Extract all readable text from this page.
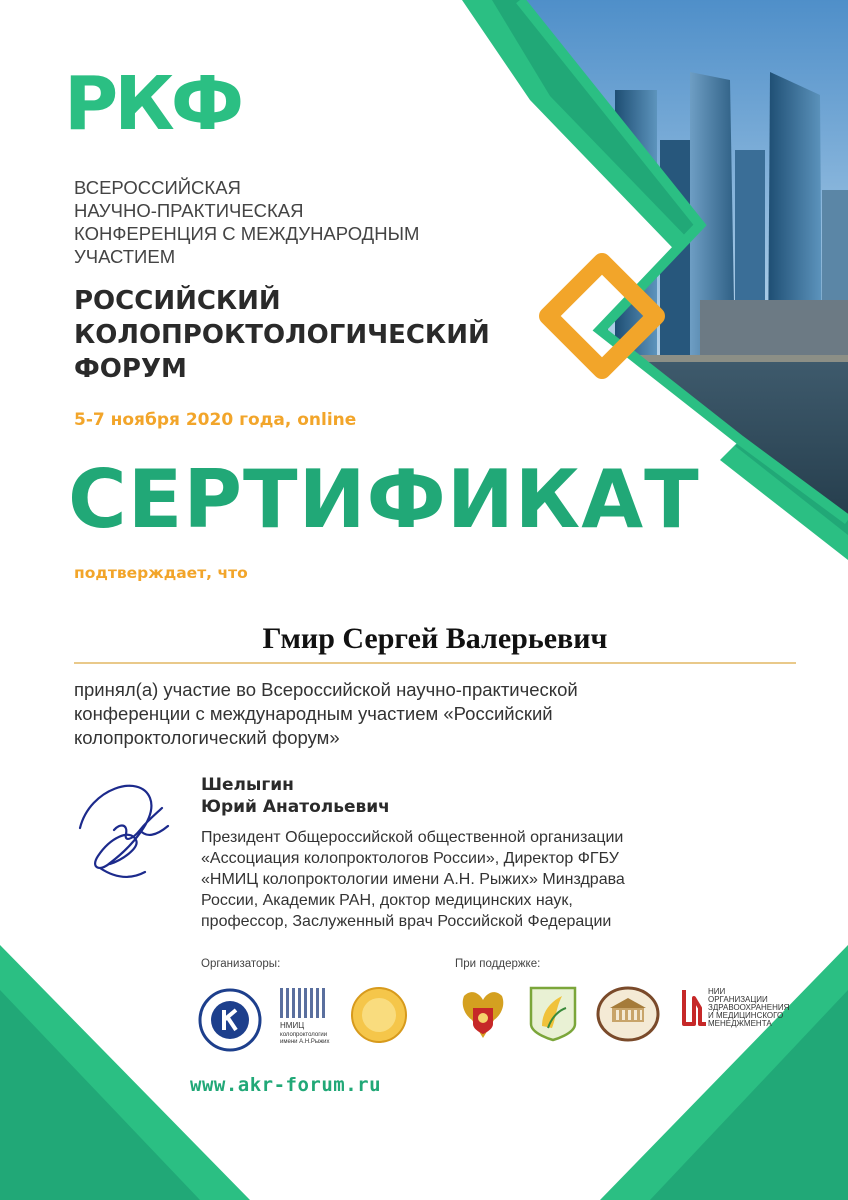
РКФ
ВСЕРОССИЙСКАЯ
НАУЧНО-ПРАКТИЧЕСКАЯ
КОНФЕРЕНЦИЯ С МЕЖДУНАРОДНЫМ
УЧАСТИЕМ
РОССИЙСКИЙ
КОЛОПРОКТОЛОГИЧЕСКИЙ
ФОРУМ
5-7 ноября 2020 года, online
СЕРТИФИКАТ
подтверждает, что
Гмир Сергей Валерьевич
принял(а) участие во Всероссийской научно-практической
конференции с международным участием «Российский
колопроктологический форум»
Шелыгин
Юрий Анатольевич
Президент Общероссийской общественной организации
«Ассоциация колопроктологов России», Директор ФГБУ
«НМИЦ колопроктологии имени А.Н. Рыжих» Минздрава
России, Академик РАН, доктор медицинских наук,
профессор, Заслуженный врач Российской Федерации
Организаторы:	При поддержке:
НМИЦ
колопроктологии
имени А.Н.Рыжих
НИИ
ОРГАНИЗАЦИИ
ЗДРАВООХРАНЕНИЯ
И МЕДИЦИНСКОГО
МЕНЕДЖМЕНТА
www.akr-forum.ru
